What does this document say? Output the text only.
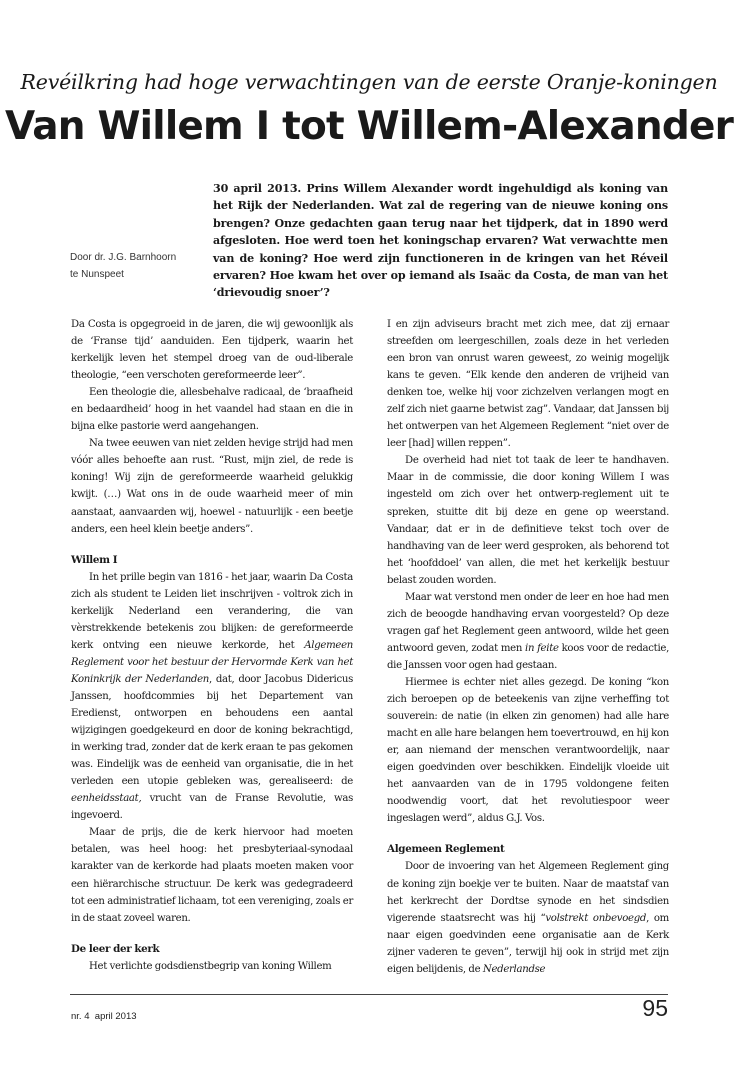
Revéilkring had hoge verwachtingen van de eerste Oranje-koningen
Van Willem I tot Willem-Alexander
Door dr. J.G. Barnhoorn
te Nunspeet

30 april 2013. Prins Willem Alexander wordt ingehuldigd als koning van het Rijk der Nederlanden. Wat zal de regering van de nieuwe koning ons brengen? Onze gedachten gaan terug naar het tijdperk, dat in 1890 werd afgesloten. Hoe werd toen het koningschap ervaren? Wat verwachtte men van de koning? Hoe werd zijn functioneren in de kringen van het Réveil ervaren? Hoe kwam het over op iemand als Isaäc da Costa, de man van het ‘drievoudig snoer’?

Da Costa is opgegroeid in de jaren, die wij gewoonlijk als de ‘Franse tijd’ aanduiden. Een tijdperk, waarin het kerkelijk leven het stempel droeg van de oud-liberale theologie, “een verschoten gereformeerde leer”.

Een theologie die, allesbehalve radicaal, de ‘braafheid en bedaardheid’ hoog in het vaandel had staan en die in bijna elke pastorie werd aangehangen.

Na twee eeuwen van niet zelden hevige strijd had men vóór alles behoefte aan rust. “Rust, mijn ziel, de rede is koning! Wij zijn de gereformeerde waarheid gelukkig kwijt. (…) Wat ons in de oude waarheid meer of min aanstaat, aanvaarden wij, hoewel - natuurlijk - een beetje anders, een heel klein beetje anders”.

Willem I

In het prille begin van 1816 - het jaar, waarin Da Costa zich als student te Leiden liet inschrijven - voltrok zich in kerkelijk Nederland een verandering, die van vèrstrekkende betekenis zou blijken: de gereformeerde kerk ontving een nieuwe kerkorde, het Algemeen Reglement voor het bestuur der Hervormde Kerk van het Koninkrijk der Nederlanden, dat, door Jacobus Didericus Janssen, hoofdcommies bij het Departement van Eredienst, ontworpen en behoudens een aantal wijzigingen goedgekeurd en door de koning bekrachtigd, in werking trad, zonder dat de kerk eraan te pas gekomen was. Eindelijk was de eenheid van organisatie, die in het verleden een utopie gebleken was, gerealiseerd: de eenheidsstaat, vrucht van de Franse Revolutie, was ingevoerd.

Maar de prijs, die de kerk hiervoor had moeten betalen, was heel hoog: het presbyteriaal-synodaal karakter van de kerkorde had plaats moeten maken voor een hiërarchische structuur. De kerk was gedegradeerd tot een administratief lichaam, tot een vereniging, zoals er in de staat zoveel waren.

De leer der kerk

Het verlichte godsdienstbegrip van koning Willem

I en zijn adviseurs bracht met zich mee, dat zij ernaar streefden om leergeschillen, zoals deze in het verleden een bron van onrust waren geweest, zo weinig mogelijk kans te geven. “Elk kende den anderen de vrijheid van denken toe, welke hij voor zichzelven verlangen mogt en zelf zich niet gaarne betwist zag”. Vandaar, dat Janssen bij het ontwerpen van het Algemeen Reglement “niet over de leer [had] willen reppen”.

De overheid had niet tot taak de leer te handhaven. Maar in de commissie, die door koning Willem I was ingesteld om zich over het ontwerp-reglement uit te spreken, stuitte dit bij deze en gene op weerstand. Vandaar, dat er in de definitieve tekst toch over de handhaving van de leer werd gesproken, als behorend tot het ‘hoofddoel’ van allen, die met het kerkelijk bestuur belast zouden worden.

Maar wat verstond men onder de leer en hoe had men zich de beoogde handhaving ervan voorgesteld? Op deze vragen gaf het Reglement geen antwoord, wilde het geen antwoord geven, zodat men in feite koos voor de redactie, die Janssen voor ogen had gestaan.

Hiermee is echter niet alles gezegd. De koning “kon zich beroepen op de beteekenis van zijne verheffing tot souverein: de natie (in elken zin genomen) had alle hare macht en alle hare belangen hem toevertrouwd, en hij kon er, aan niemand der menschen verantwoordelijk, naar eigen goedvinden over beschikken. Eindelijk vloeide uit het aanvaarden van de in 1795 voldongene feiten noodwendig voort, dat het revolutiespoor weer ingeslagen werd”, aldus G.J. Vos.

Algemeen Reglement

Door de invoering van het Algemeen Reglement ging de koning zijn boekje ver te buiten. Naar de maatstaf van het kerkrecht der Dordtse synode en het sindsdien vigerende staatsrecht was hij “volstrekt onbevoegd, om naar eigen goedvinden eene organisatie aan de Kerk zijner vaderen te geven”, terwijl hij ook in strijd met zijn eigen belijdenis, de Nederlandse

nr. 4 april 2013	95
